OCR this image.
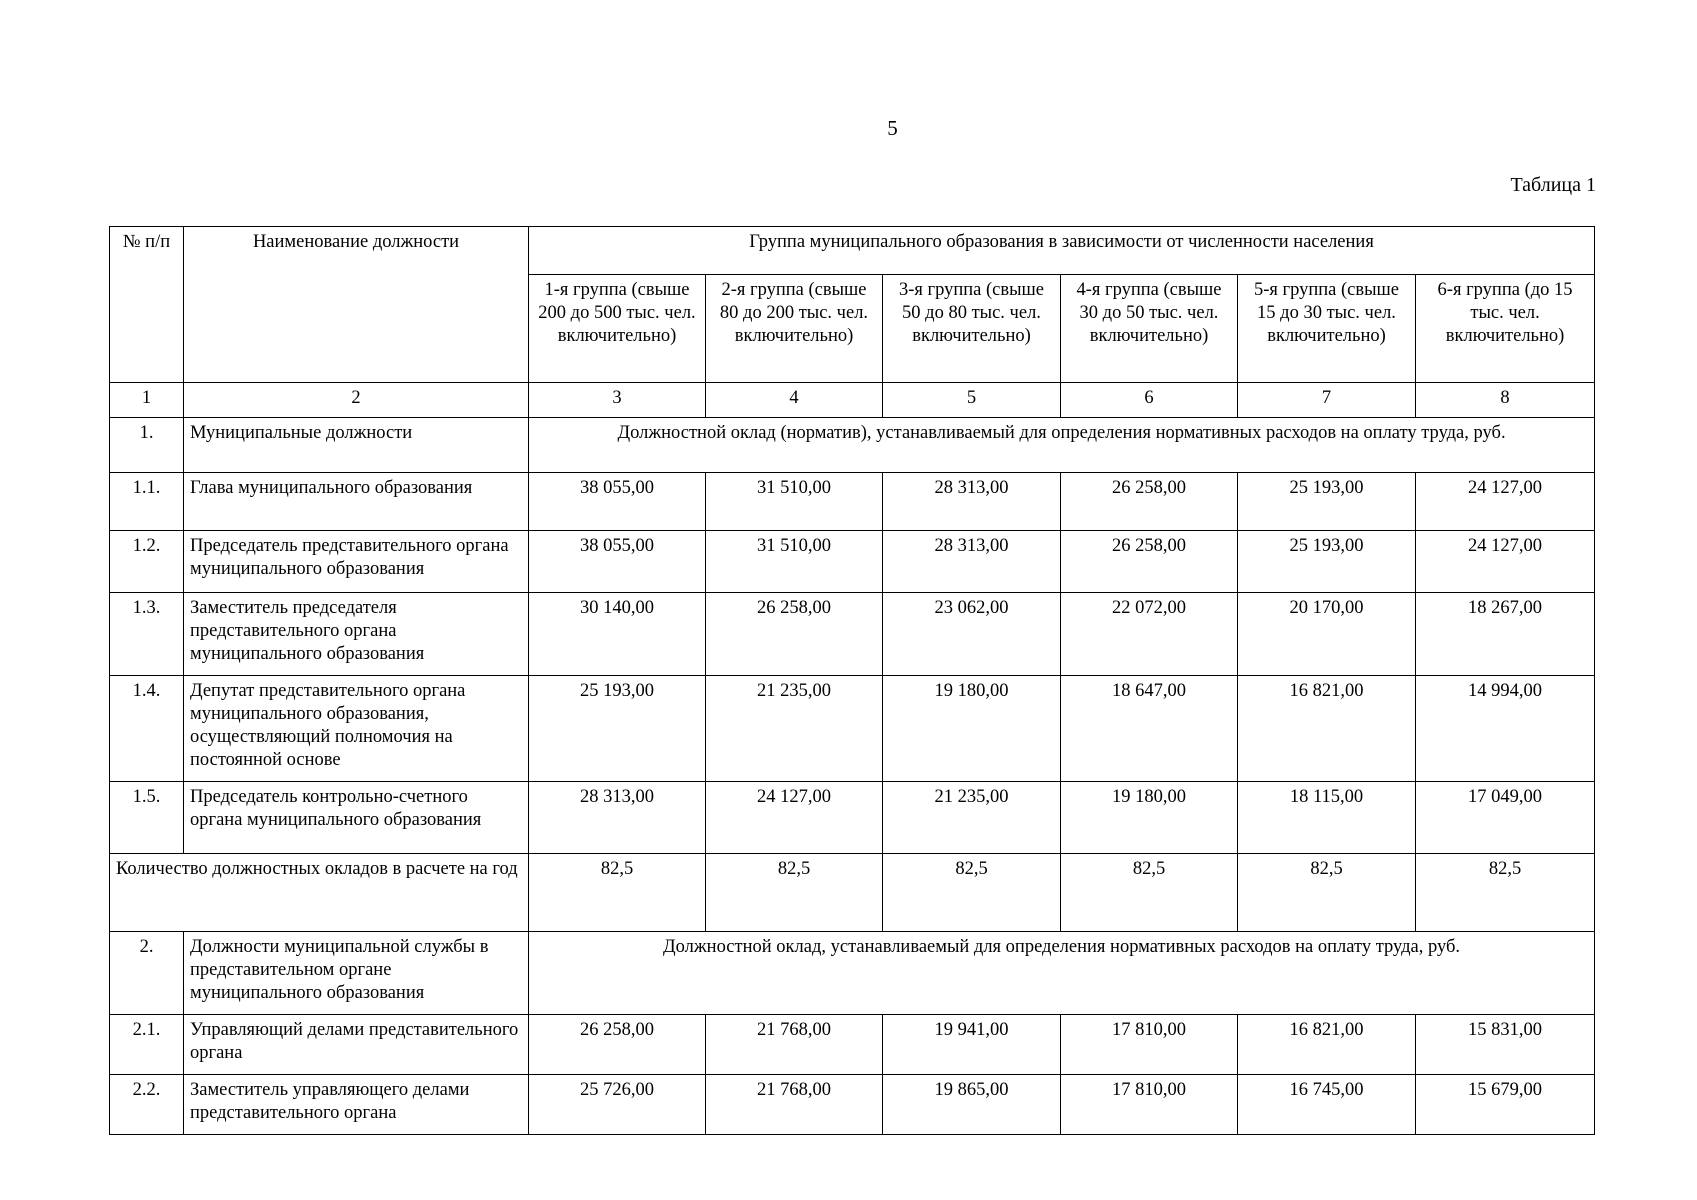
5
Таблица 1
№ п/п	Наименование должности	Группа муниципального образования в зависимости от численности населения					
		1-я группа (свыше 200 до 500 тыс. чел. включительно)	2-я группа (свыше 80 до 200 тыс. чел. включительно)	3-я группа (свыше 50 до 80 тыс. чел. включительно)	4-я группа (свыше 30 до 50 тыс. чел. включительно)	5-я группа (свыше 15 до 30 тыс. чел. включительно)	6-я группа (до 15 тыс. чел. включительно)
1	2	3	4	5	6	7	8
1.	Муниципальные должности	Должностной оклад (норматив), устанавливаемый для определения нормативных расходов на оплату труда, руб.					
1.1.	Глава муниципального образования	38 055,00	31 510,00	28 313,00	26 258,00	25 193,00	24 127,00
1.2.	Председатель представительного органа муниципального образования	38 055,00	31 510,00	28 313,00	26 258,00	25 193,00	24 127,00
1.3.	Заместитель председателя представительного органа муниципального образования	30 140,00	26 258,00	23 062,00	22 072,00	20 170,00	18 267,00
1.4.	Депутат представительного органа муниципального образования, осуществляющий полномочия на постоянной основе	25 193,00	21 235,00	19 180,00	18 647,00	16 821,00	14 994,00
1.5.	Председатель контрольно-счетного органа муниципального образования	28 313,00	24 127,00	21 235,00	19 180,00	18 115,00	17 049,00
Количество должностных окладов в расчете на год		82,5	82,5	82,5	82,5	82,5	82,5
2.	Должности муниципальной службы в представительном органе муниципального образования	Должностной оклад, устанавливаемый для определения нормативных расходов на оплату труда, руб.					
2.1.	Управляющий делами представительного органа	26 258,00	21 768,00	19 941,00	17 810,00	16 821,00	15 831,00
2.2.	Заместитель управляющего делами представительного органа	25 726,00	21 768,00	19 865,00	17 810,00	16 745,00	15 679,00
